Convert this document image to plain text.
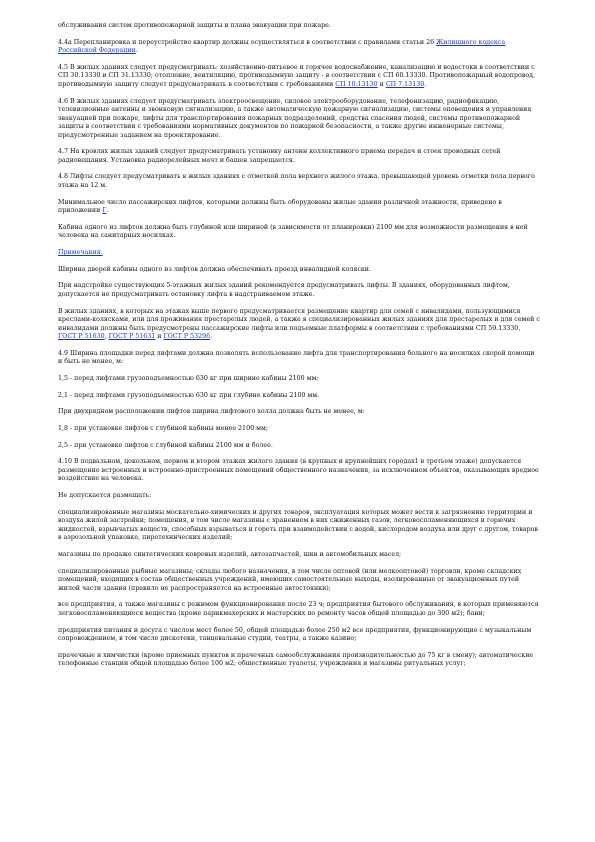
обслуживания систем противопожарной защиты и плана эвакуации при пожаре.

4.4а Перепланировка и переустройство квартир должны осуществляться в соответствии с правилами статьи 26 Жилищного кодекса Российской Федерации.

4.5 В жилых зданиях следует предусматривать: хозяйственно-питьевое и горячее водоснабжение, канализацию и водостоки в соответствии с СП 30.13330 и СП 31.13330; отопление, вентиляцию, противодымную защиту - в соответствии с СП 60.13330. Противопожарный водопровод, противодымную защиту следует предусматривать в соответствии с требованиями СП 10.13130 и СП 7.13130.

4.6 В жилых зданиях следует предусматривать электроосвещение, силовое электрооборудование, телефонизацию, радиофикацию, телевизионные антенны и звонковую сигнализацию, а также автоматическую пожарную сигнализацию, системы оповещения и управления эвакуацией при пожаре, лифты для транспортирования пожарных подразделений, средства спасения людей, системы противопожарной защиты в соответствии с требованиями нормативных документов по пожарной безопасности, а также другие инженерные системы, предусмотренные заданием на проектирование.

4.7 На кровлях жилых зданий следует предусматривать установку антенн коллективного приема передач и стоек проводных сетей радиовещания. Установка радиорелейных мачт и башен запрещается.

4.8 Лифты следует предусматривать в жилых зданиях с отметкой пола верхнего жилого этажа, превышающей уровень отметки пола первого этажа на 12 м.

Минимальное число пассажирских лифтов, которыми должны быть оборудованы жилые здания различной этажности, приведено в приложении Г.

Кабина одного из лифтов должна быть глубиной или шириной (в зависимости от планировки) 2100 мм для возможности размещения в ней человека на санитарных носилках.

Примечания.

Ширина дверей кабины одного из лифтов должна обеспечивать проезд инвалидной коляски.

При надстройке существующих 5-этажных жилых зданий рекомендуется предусматривать лифты. В зданиях, оборудованных лифтом, допускается не предусматривать остановку лифта в надстраиваемом этаже.

В жилых зданиях, в которых на этажах выше первого предусматривается размещение квартир для семей с инвалидами, пользующимися креслами-колясками, или для проживания престарелых людей, а также в специализированных жилых зданиях для престарелых и для семей с инвалидами должны быть предусмотрены пассажирские лифты или подъемные платформы в соответствии с требованиями СП 59.13330, ГОСТ Р 51630, ГОСТ Р 51631 и ГОСТ Р 53296.

4.9 Ширина площадки перед лифтами должна позволять использование лифта для транспортирования больного на носилках скорой помощи и быть не менее, м:

1,5 - перед лифтами грузоподъемностью 630 кг при ширине кабины 2100 мм;

2,1 - перед лифтами грузоподъемностью 630 кг при глубине кабины 2100 мм.

При двухрядном расположении лифтов ширина лифтового холла должна быть не менее, м:

1,8 - при установке лифтов с глубиной кабины менее 2100 мм;

2,5 - при установке лифтов с глубиной кабины 2100 мм и более.

4.10 В подвальном, цокольном, первом и втором этажах жилого здания (в крупных и крупнейших городах1 в третьем этаже) допускается размещение встроенных и встроенно-пристроенных помещений общественного назначения, за исключением объектов, оказывающих вредное воздействие на человека.

Не допускается размещать:

специализированные магазины москательно-химических и других товаров, эксплуатация которых может вести к загрязнению территории и воздуха жилой застройки; помещения, в том числе магазины с хранением в них сжиженных газов, легковоспламеняющихся и горючих жидкостей, взрывчатых веществ, способных взрываться и гореть при взаимодействии с водой, кислородом воздуха или друг с другом, товаров в аэрозольной упаковке, пиротехнических изделий;

магазины по продаже синтетических ковровых изделий, автозапчастей, шин и автомобильных масел;

специализированные рыбные магазины; склады любого назначения, в том числе оптовой (или мелкооптовой) торговли, кроме складских помещений, входящих в состав общественных учреждений, имеющих самостоятельные выходы, изолированные от эвакуационных путей жилой части здания (правило не распространяется на встроенные автостоянки);

все предприятия, а также магазины с режимом функционирования после 23 ч; предприятия бытового обслуживания, в которых применяются легковоспламеняющиеся вещества (кроме парикмахерских и мастерских по ремонту часов общей площадью до 300 м2); бани;

предприятия питания и досуга с числом мест более 50, общей площадью более 250 м2 все предприятия, функционирующие с музыкальным сопровождением, в том числе дискотеки, танцевальные студии, театры, а также казино;

прачечные и химчистки (кроме приемных пунктов и прачечных самообслуживания производительностью до 75 кг в смену); автоматические телефонные станции общей площадью более 100 м2; общественные туалеты, учреждения и магазины ритуальных услуг;
